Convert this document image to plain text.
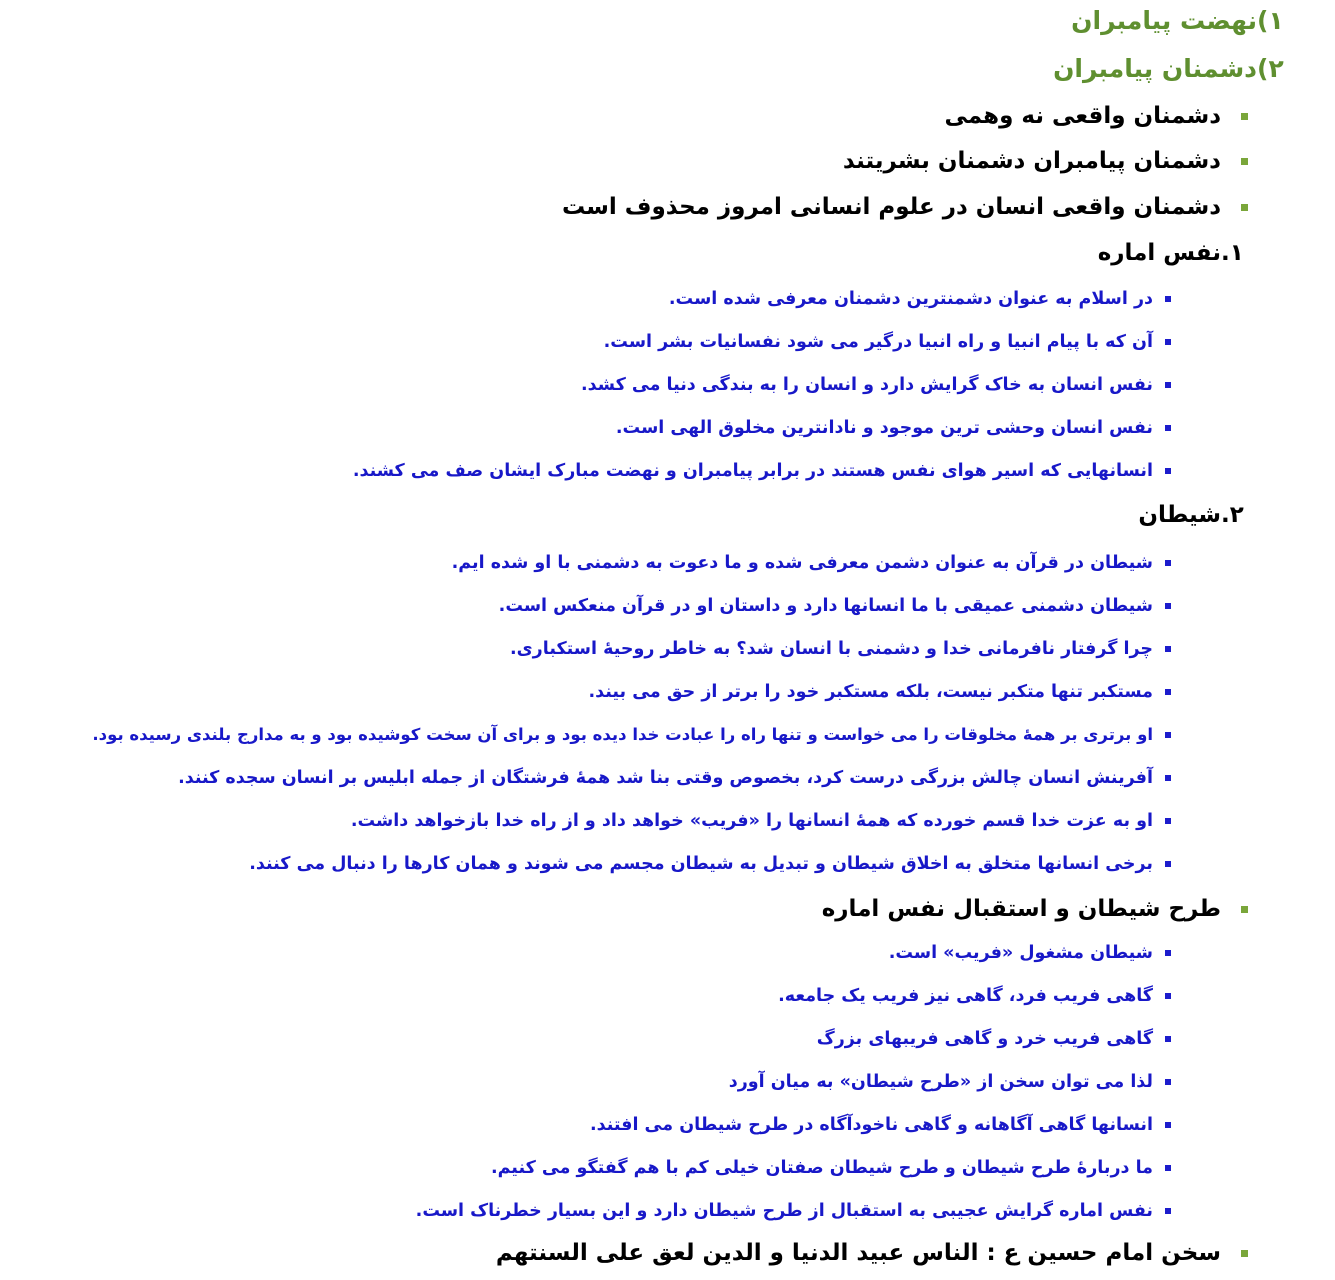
۱)
نهضت پیامبران
۲)
دشمنان پیامبران
دشمنان واقعی نه وهمی
دشمنان پیامبران دشمنان بشریتند
دشمنان واقعی انسان در علوم انسانی امروز محذوف است
۱.
نفس اماره
در اسلام به عنوان دشمنترین دشمنان معرفی شده است.
آن که با پیام انبیا و راه انبیا درگیر می شود نفسانیات بشر است.
نفس انسان به خاک گرایش دارد و انسان را به بندگی دنیا می کشد.
نفس انسان وحشی ترین موجود و نادانترین مخلوق الهی است.
انسانهایی که اسیر هوای نفس هستند در برابر پیامبران و نهضت مبارک ایشان صف می کشند.
۲.
شیطان
شیطان در قرآن به عنوان دشمن معرفی شده و ما دعوت به دشمنی با او شده ایم.
شیطان دشمنی عمیقی با ما انسانها دارد و داستان او در قرآن منعکس است.
چرا گرفتار نافرمانی خدا و دشمنی با انسان شد؟ به خاطر روحیۀ استکباری.
مستکبر تنها متکبر نیست، بلکه مستکبر خود را برتر از حق می بیند.
او برتری بر همۀ مخلوقات را می خواست و تنها راه را عبادت خدا دیده بود و برای آن سخت کوشیده بود و به مدارج بلندی رسیده بود.
آفرینش انسان چالش بزرگی درست کرد، بخصوص وقتی بنا شد همۀ فرشتگان از جمله ابلیس بر انسان سجده کنند.
او به عزت خدا قسم خورده که همۀ انسانها را «فریب» خواهد داد و از راه خدا بازخواهد داشت.
برخی انسانها متخلق به اخلاق شیطان و تبدیل به شیطان مجسم می شوند و همان کارها را دنبال می کنند.
طرح شیطان و استقبال نفس اماره
شیطان مشغول «فریب» است.
گاهی فریب فرد، گاهی نیز فریب یک جامعه.
گاهی فریب خرد و گاهی فریبهای بزرگ
لذا می توان سخن از «طرح شیطان» به میان آورد
انسانها گاهی آگاهانه و گاهی ناخودآگاه در طرح شیطان می افتند.
ما دربارۀ طرح شیطان و طرح شیطان صفتان خیلی کم با هم گفتگو می کنیم.
نفس اماره گرایش عجیبی به استقبال از طرح شیطان دارد و این بسیار خطرناک است.
سخن امام حسین ع : الناس عبید الدنیا و الدین لعق علی السنتهم
